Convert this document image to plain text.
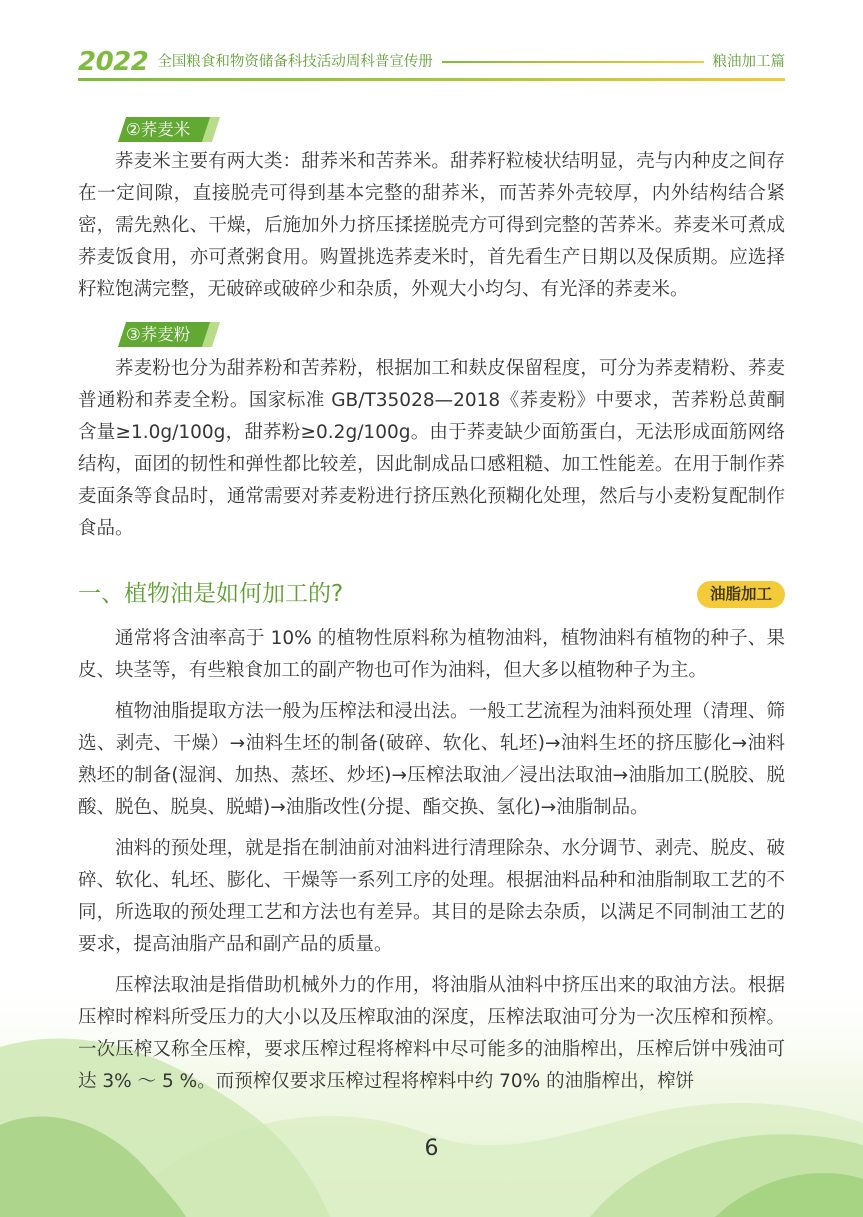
2022 全国粮食和物资储备科技活动周科普宣传册	粮油加工篇
②荞麦米

荞麦米主要有两大类：甜荞米和苦荞米。甜荞籽粒棱状结明显，壳与内种皮之间存在一定间隙，直接脱壳可得到基本完整的甜荞米，而苦荞外壳较厚，内外结构结合紧密，需先熟化、干燥，后施加外力挤压揉搓脱壳方可得到完整的苦荞米。荞麦米可煮成荞麦饭食用，亦可煮粥食用。购置挑选荞麦米时，首先看生产日期以及保质期。应选择籽粒饱满完整，无破碎或破碎少和杂质，外观大小均匀、有光泽的荞麦米。

③荞麦粉

荞麦粉也分为甜荞粉和苦荞粉，根据加工和麸皮保留程度，可分为荞麦精粉、荞麦普通粉和荞麦全粉。国家标准 GB/T35028—2018《荞麦粉》中要求，苦荞粉总黄酮含量≥1.0g/100g，甜荞粉≥0.2g/100g。由于荞麦缺少面筋蛋白，无法形成面筋网络结构，面团的韧性和弹性都比较差，因此制成品口感粗糙、加工性能差。在用于制作荞麦面条等食品时，通常需要对荞麦粉进行挤压熟化预糊化处理，然后与小麦粉复配制作食品。

一、植物油是如何加工的?	油脂加工

通常将含油率高于 10% 的植物性原料称为植物油料，植物油料有植物的种子、果皮、块茎等，有些粮食加工的副产物也可作为油料，但大多以植物种子为主。

植物油脂提取方法一般为压榨法和浸出法。一般工艺流程为油料预处理（清理、筛选、剥壳、干燥）→油料生坯的制备(破碎、软化、轧坯)→油料生坯的挤压膨化→油料熟坯的制备(湿润、加热、蒸坯、炒坯)→压榨法取油／浸出法取油→油脂加工(脱胶、脱酸、脱色、脱臭、脱蜡)→油脂改性(分提、酯交换、氢化)→油脂制品。

油料的预处理，就是指在制油前对油料进行清理除杂、水分调节、剥壳、脱皮、破碎、软化、轧坯、膨化、干燥等一系列工序的处理。根据油料品种和油脂制取工艺的不同，所选取的预处理工艺和方法也有差异。其目的是除去杂质，以满足不同制油工艺的要求，提高油脂产品和副产品的质量。

压榨法取油是指借助机械外力的作用，将油脂从油料中挤压出来的取油方法。根据压榨时榨料所受压力的大小以及压榨取油的深度，压榨法取油可分为一次压榨和预榨。一次压榨又称全压榨，要求压榨过程将榨料中尽可能多的油脂榨出，压榨后饼中残油可达 3% ～ 5 %。而预榨仅要求压榨过程将榨料中约 70% 的油脂榨出，榨饼

6
